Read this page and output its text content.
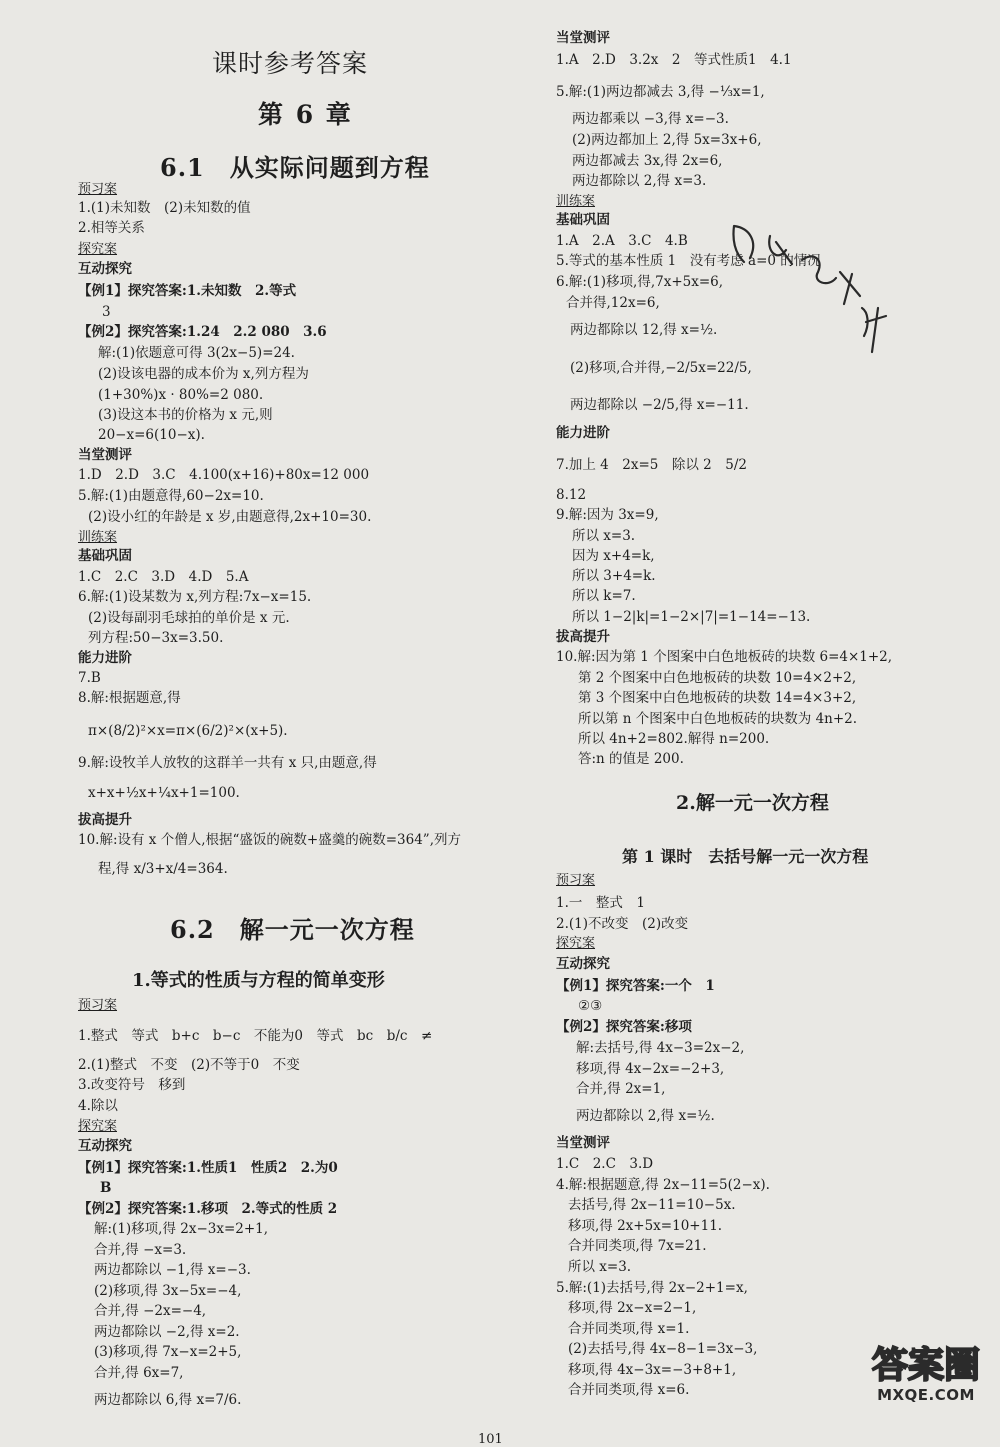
课时参考答案
第 6 章
6.1　从实际问题到方程
6.2　解一元一次方程
1.等式的性质与方程的简单变形
2.解一元一次方程
第 1 课时　去括号解一元一次方程
预习案
1.(1)未知数　(2)未知数的值
2.相等关系
探究案
互动探究
【例1】探究答案:1.未知数　2.等式
3
【例2】探究答案:1.24　2.2 080　3.6
解:(1)依题意可得 3(2x−5)=24.
(2)设该电器的成本价为 x,列方程为
(1+30%)x · 80%=2 080.
(3)设这本书的价格为 x 元,则
20−x=6(10−x).
当堂测评
1.D　2.D　3.C　4.100(x+16)+80x=12 000
5.解:(1)由题意得,60−2x=10.
(2)设小红的年龄是 x 岁,由题意得,2x+10=30.
训练案
基础巩固
1.C　2.C　3.D　4.D　5.A
6.解:(1)设某数为 x,列方程:7x−x=15.
(2)设每副羽毛球拍的单价是 x 元.
列方程:50−3x=3.50.
能力进阶
7.B
8.解:根据题意,得
π×(8/2)²×x=π×(6/2)²×(x+5).
9.解:设牧羊人放牧的这群羊一共有 x 只,由题意,得
x+x+½x+¼x+1=100.
拔高提升
10.解:设有 x 个僧人,根据“盛饭的碗数+盛羹的碗数=364”,列方
程,得 x/3+x/4=364.
预习案
1.整式　等式　b+c　b−c　不能为0　等式　bc　b/c　≠
2.(1)整式　不变　(2)不等于0　不变
3.改变符号　移到
4.除以
探究案
互动探究
【例1】探究答案:1.性质1　性质2　2.为0
B
【例2】探究答案:1.移项　2.等式的性质 2
解:(1)移项,得 2x−3x=2+1,
合并,得 −x=3.
两边都除以 −1,得 x=−3.
(2)移项,得 3x−5x=−4,
合并,得 −2x=−4,
两边都除以 −2,得 x=2.
(3)移项,得 7x−x=2+5,
合并,得 6x=7,
两边都除以 6,得 x=7/6.
当堂测评
1.A　2.D　3.2x　2　等式性质1　4.1
5.解:(1)两边都减去 3,得 −⅓x=1,
两边都乘以 −3,得 x=−3.
(2)两边都加上 2,得 5x=3x+6,
两边都减去 3x,得 2x=6,
两边都除以 2,得 x=3.
训练案
基础巩固
1.A　2.A　3.C　4.B
5.等式的基本性质 1　没有考虑 a=0 的情况
6.解:(1)移项,得,7x+5x=6,
合并得,12x=6,
两边都除以 12,得 x=½.
(2)移项,合并得,−2/5x=22/5,
两边都除以 −2/5,得 x=−11.
能力进阶
7.加上 4　2x=5　除以 2　5/2
8.12
9.解:因为 3x=9,
所以 x=3.
因为 x+4=k,
所以 3+4=k.
所以 k=7.
所以 1−2|k|=1−2×|7|=1−14=−13.
拔高提升
10.解:因为第 1 个图案中白色地板砖的块数 6=4×1+2,
第 2 个图案中白色地板砖的块数 10=4×2+2,
第 3 个图案中白色地板砖的块数 14=4×3+2,
所以第 n 个图案中白色地板砖的块数为 4n+2.
所以 4n+2=802.解得 n=200.
答:n 的值是 200.
预习案
1.一　整式　1
2.(1)不改变　(2)改变
探究案
互动探究
【例1】探究答案:一个　1
②③
【例2】探究答案:移项
解:去括号,得 4x−3=2x−2,
移项,得 4x−2x=−2+3,
合并,得 2x=1,
两边都除以 2,得 x=½.
当堂测评
1.C　2.C　3.D
4.解:根据题意,得 2x−11=5(2−x).
去括号,得 2x−11=10−5x.
移项,得 2x+5x=10+11.
合并同类项,得 7x=21.
所以 x=3.
5.解:(1)去括号,得 2x−2+1=x,
移项,得 2x−x=2−1,
合并同类项,得 x=1.
(2)去括号,得 4x−8−1=3x−3,
移项,得 4x−3x=−3+8+1,
合并同类项,得 x=6.
101
答案圈
MXQE.COM
